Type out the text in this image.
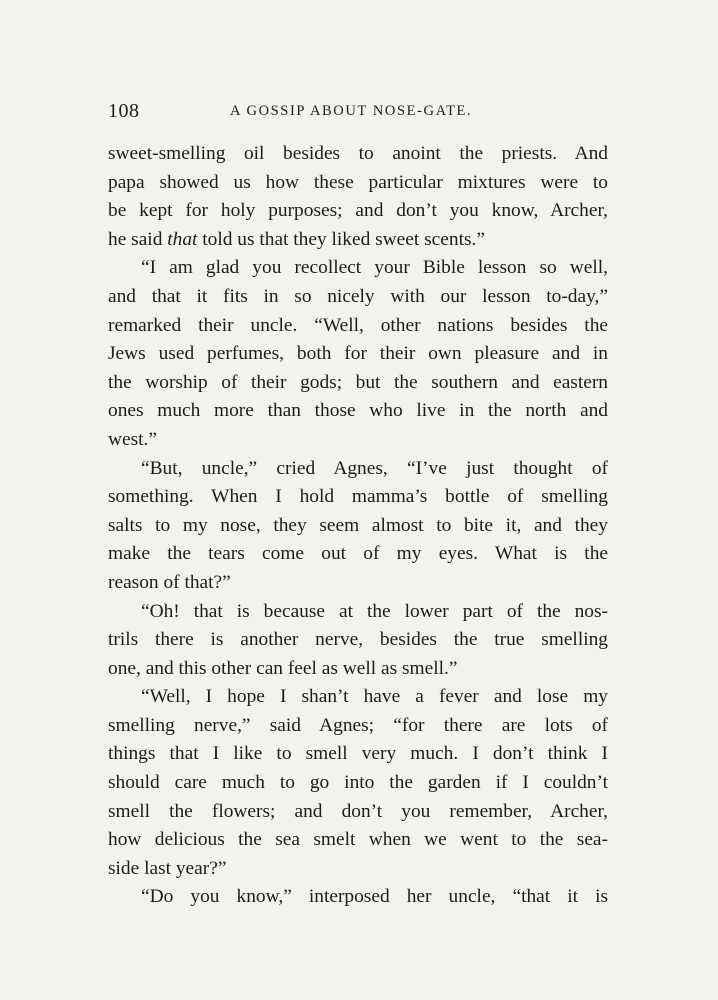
108	A GOSSIP ABOUT NOSE-GATE.
sweet-smelling oil besides to anoint the priests. And
papa showed us how these particular mixtures were to
be kept for holy purposes; and don’t you know, Archer,
he said that told us that they liked sweet scents.”
“I am glad you recollect your Bible lesson so well,
and that it fits in so nicely with our lesson to-day,”
remarked their uncle. “Well, other nations besides the
Jews used perfumes, both for their own pleasure and in
the worship of their gods; but the southern and eastern
ones much more than those who live in the north and
west.”
“But, uncle,” cried Agnes, “I’ve just thought of
something. When I hold mamma’s bottle of smelling
salts to my nose, they seem almost to bite it, and they
make the tears come out of my eyes. What is the
reason of that?”
“Oh! that is because at the lower part of the nos-
trils there is another nerve, besides the true smelling
one, and this other can feel as well as smell.”
“Well, I hope I shan’t have a fever and lose my
smelling nerve,” said Agnes; “for there are lots of
things that I like to smell very much. I don’t think I
should care much to go into the garden if I couldn’t
smell the flowers; and don’t you remember, Archer,
how delicious the sea smelt when we went to the sea-
side last year?”
“Do you know,” interposed her uncle, “that it is
